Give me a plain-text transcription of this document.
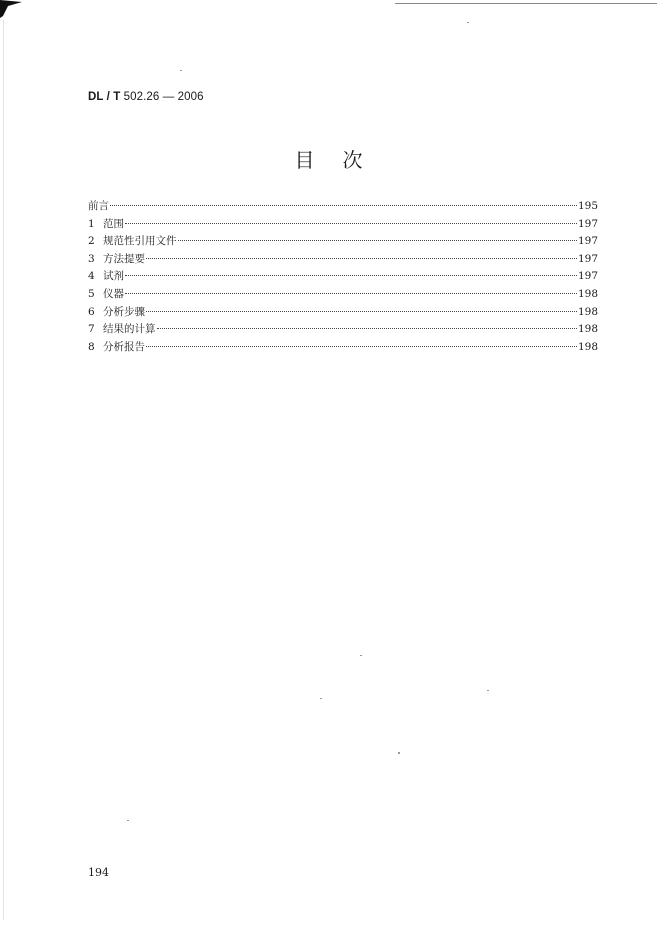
DL / T 502.26 — 2006
目次
前言	195
1 范围	197
2 规范性引用文件	197
3 方法提要	197
4 试剂	197
5 仪器	198
6 分析步骤	198
7 结果的计算	198
8 分析报告	198
194
